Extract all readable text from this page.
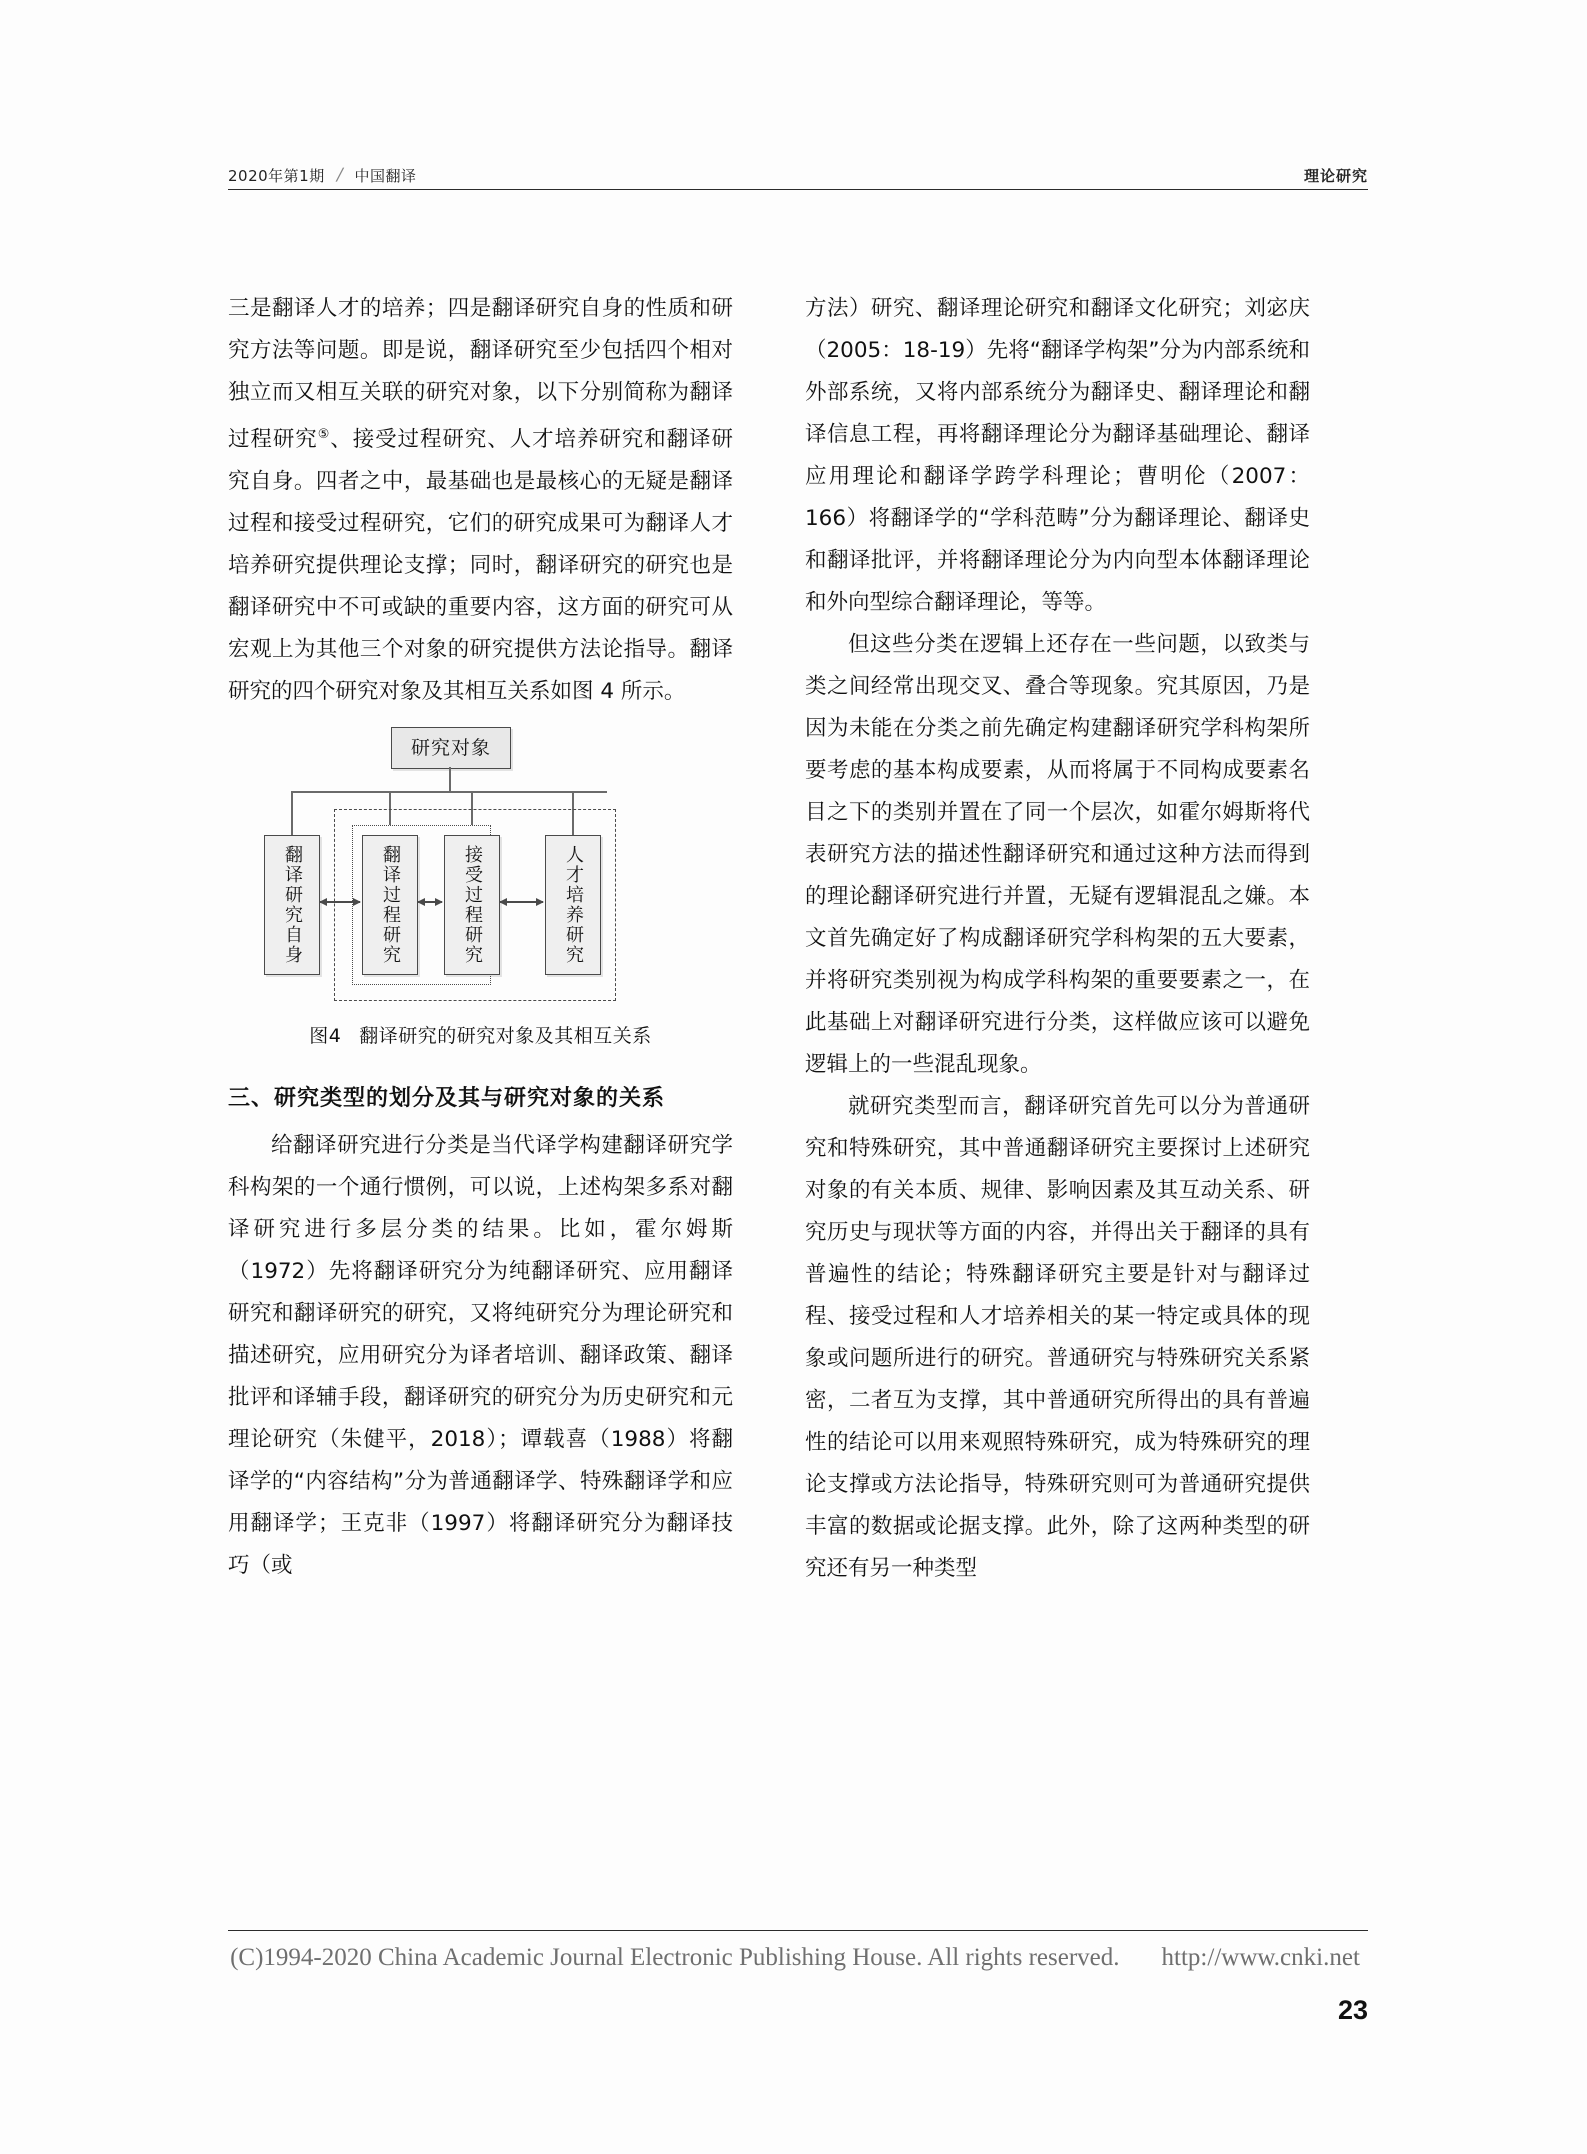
2020年第1期 / 中国翻译	理论研究

三是翻译人才的培养；四是翻译研究自身的性质和研究方法等问题。即是说，翻译研究至少包括四个相对独立而又相互关联的研究对象，以下分别简称为翻译过程研究⑤、接受过程研究、人才培养研究和翻译研究自身。四者之中，最基础也是最核心的无疑是翻译过程和接受过程研究，它们的研究成果可为翻译人才培养研究提供理论支撑；同时，翻译研究的研究也是翻译研究中不可或缺的重要内容，这方面的研究可从宏观上为其他三个对象的研究提供方法论指导。翻译研究的四个研究对象及其相互关系如图 4 所示。

研究对象
翻译研究自身	翻译过程研究	接受过程研究	人才培养研究
图4 翻译研究的研究对象及其相互关系
三、研究类型的划分及其与研究对象的关系

给翻译研究进行分类是当代译学构建翻译研究学科构架的一个通行惯例，可以说，上述构架多系对翻译研究进行多层分类的结果。比如，霍尔姆斯（1972）先将翻译研究分为纯翻译研究、应用翻译研究和翻译研究的研究，又将纯研究分为理论研究和描述研究，应用研究分为译者培训、翻译政策、翻译批评和译辅手段，翻译研究的研究分为历史研究和元理论研究（朱健平，2018）；谭载喜（1988）将翻译学的“内容结构”分为普通翻译学、特殊翻译学和应用翻译学；王克非（1997）将翻译研究分为翻译技巧（或

方法）研究、翻译理论研究和翻译文化研究；刘宓庆（2005：18-19）先将“翻译学构架”分为内部系统和外部系统，又将内部系统分为翻译史、翻译理论和翻译信息工程，再将翻译理论分为翻译基础理论、翻译应用理论和翻译学跨学科理论；曹明伦（2007：166）将翻译学的“学科范畴”分为翻译理论、翻译史和翻译批评，并将翻译理论分为内向型本体翻译理论和外向型综合翻译理论，等等。

但这些分类在逻辑上还存在一些问题，以致类与类之间经常出现交叉、叠合等现象。究其原因，乃是因为未能在分类之前先确定构建翻译研究学科构架所要考虑的基本构成要素，从而将属于不同构成要素名目之下的类别并置在了同一个层次，如霍尔姆斯将代表研究方法的描述性翻译研究和通过这种方法而得到的理论翻译研究进行并置，无疑有逻辑混乱之嫌。本文首先确定好了构成翻译研究学科构架的五大要素，并将研究类别视为构成学科构架的重要要素之一，在此基础上对翻译研究进行分类，这样做应该可以避免逻辑上的一些混乱现象。

就研究类型而言，翻译研究首先可以分为普通研究和特殊研究，其中普通翻译研究主要探讨上述研究对象的有关本质、规律、影响因素及其互动关系、研究历史与现状等方面的内容，并得出关于翻译的具有普遍性的结论；特殊翻译研究主要是针对与翻译过程、接受过程和人才培养相关的某一特定或具体的现象或问题所进行的研究。普通研究与特殊研究关系紧密，二者互为支撑，其中普通研究所得出的具有普遍性的结论可以用来观照特殊研究，成为特殊研究的理论支撑或方法论指导，特殊研究则可为普通研究提供丰富的数据或论据支撑。此外，除了这两种类型的研究还有另一种类型

(C)1994-2020 China Academic Journal Electronic Publishing House. All rights reserved. http://www.cnki.net
23
